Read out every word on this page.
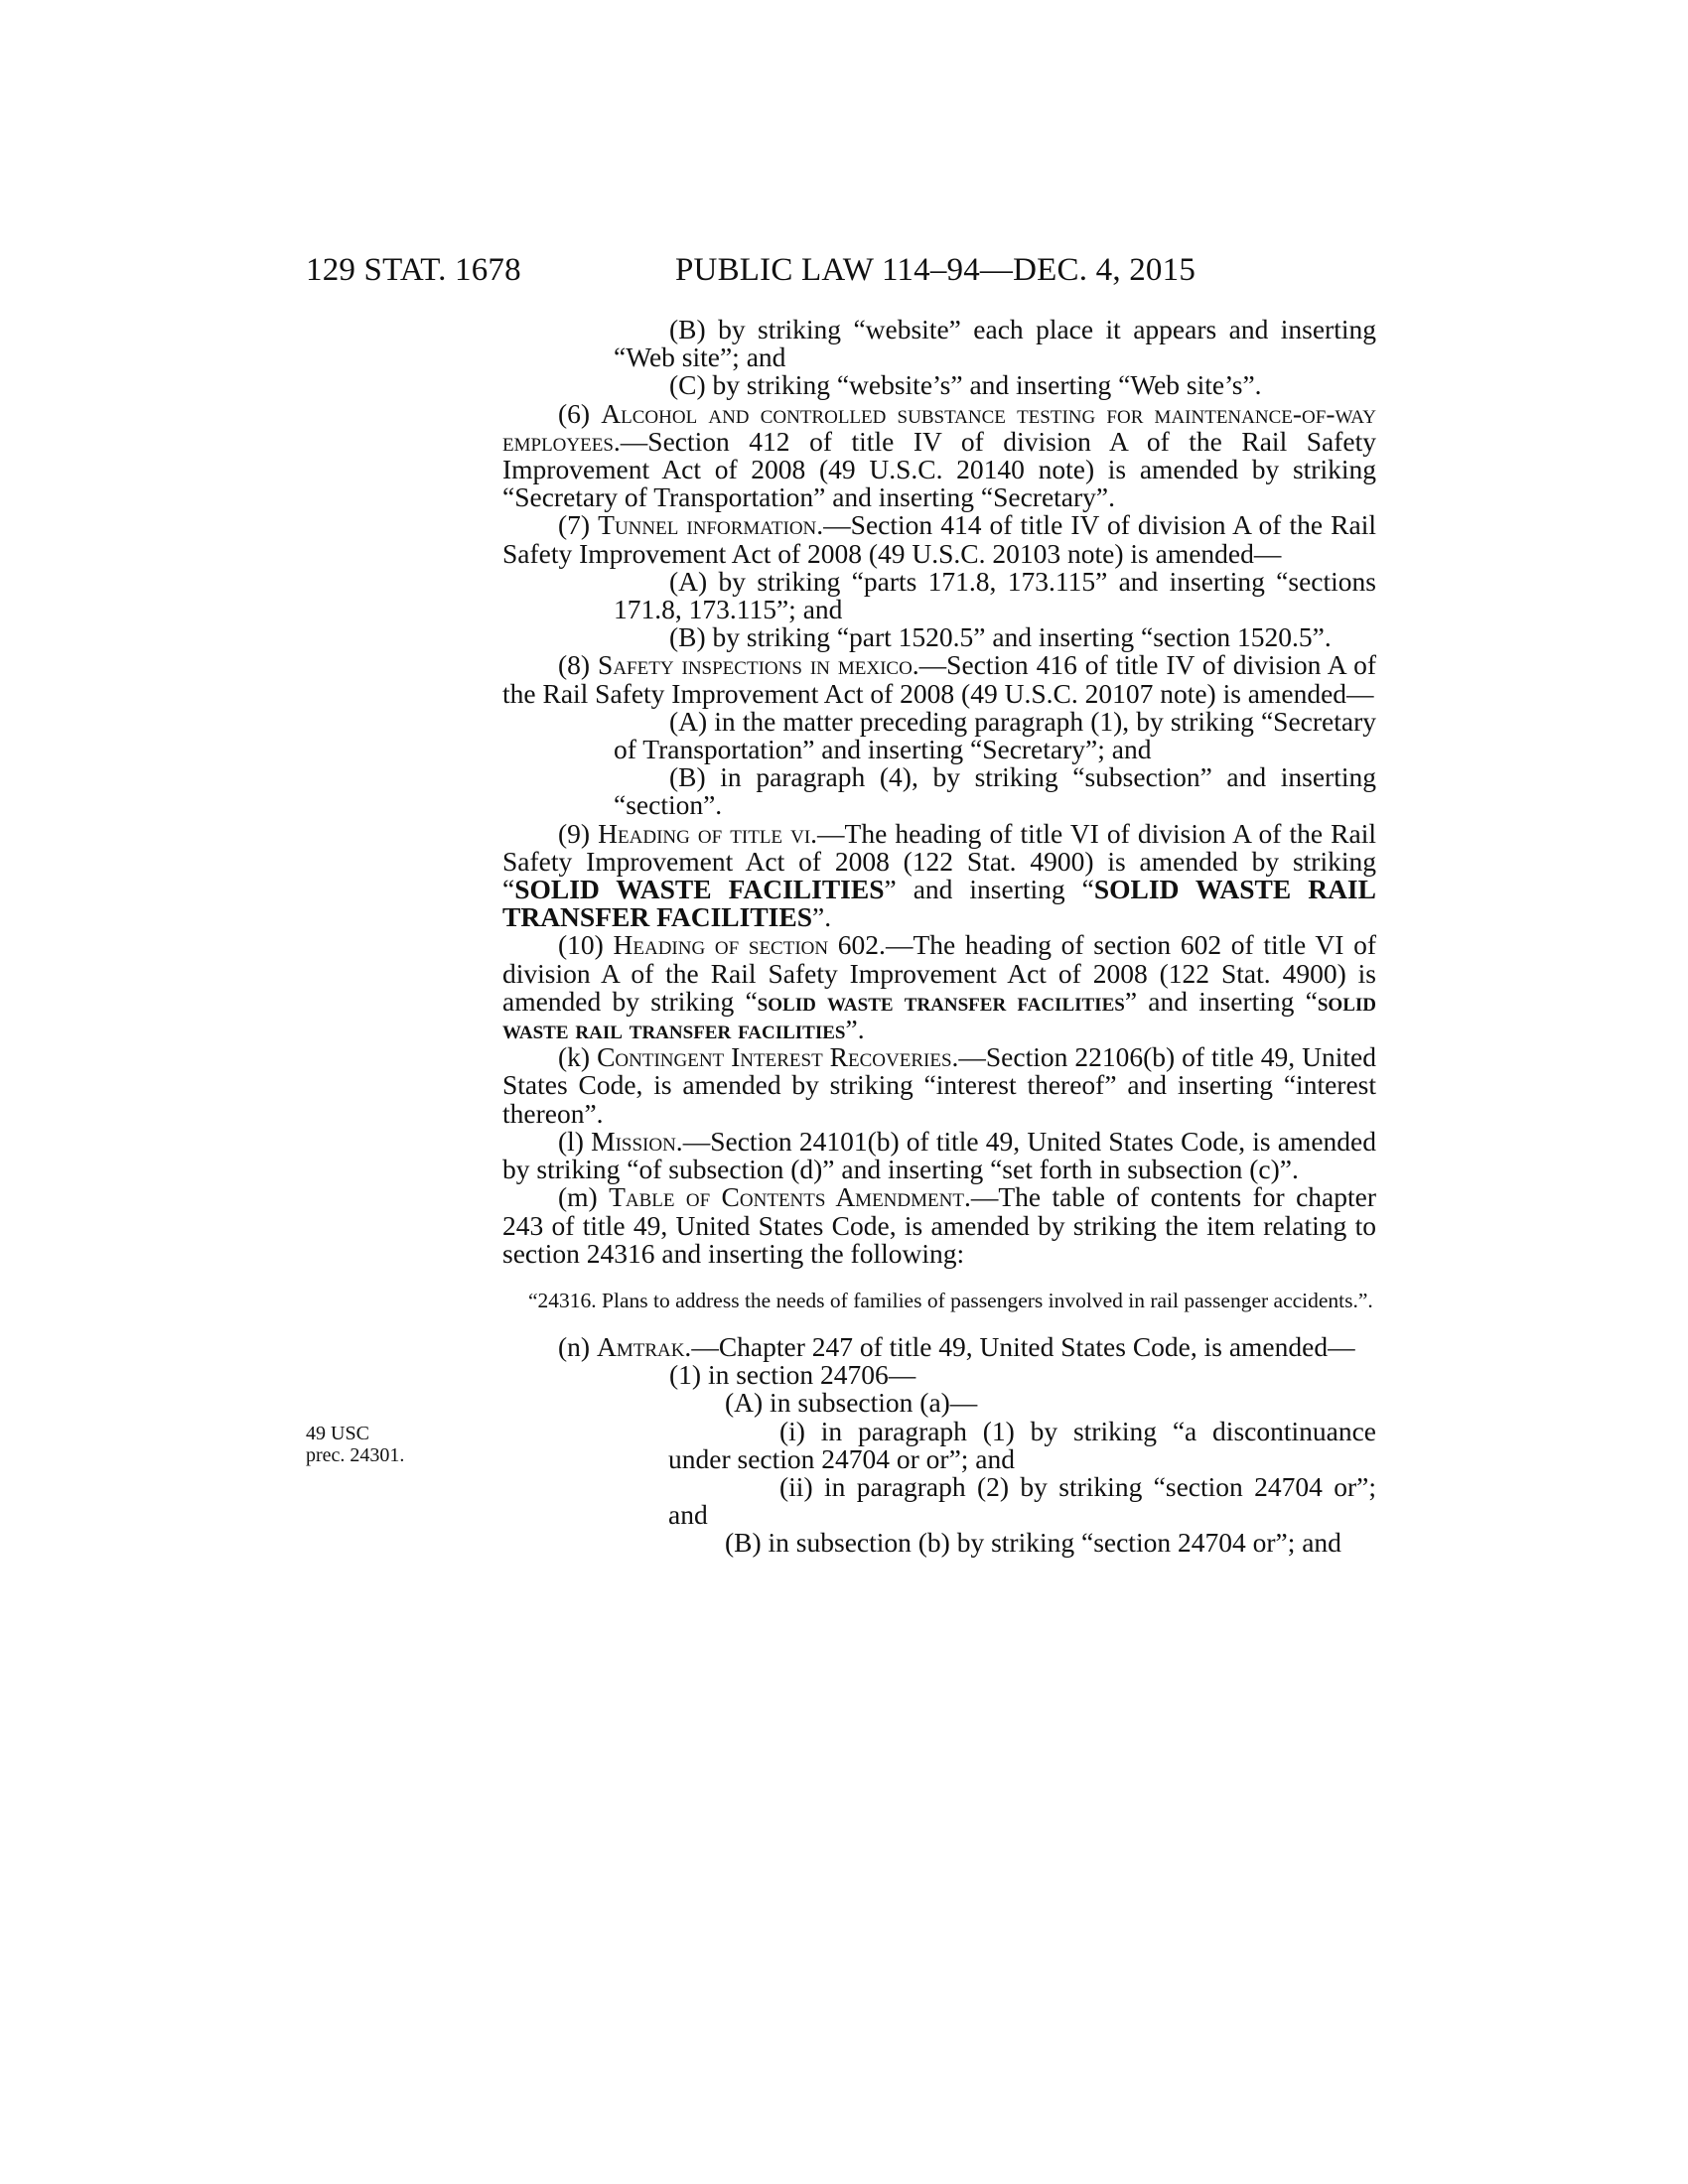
129 STAT. 1678	PUBLIC LAW 114–94—DEC. 4, 2015
49 USC
prec. 24301.

(B) by striking “website” each place it appears and inserting “Web site”; and

(C) by striking “website’s” and inserting “Web site’s”.

(6) Alcohol and controlled substance testing for maintenance-of-way employees.—Section 412 of title IV of division A of the Rail Safety Improvement Act of 2008 (49 U.S.C. 20140 note) is amended by striking “Secretary of Transportation” and inserting “Secretary”.

(7) Tunnel information.—Section 414 of title IV of division A of the Rail Safety Improvement Act of 2008 (49 U.S.C. 20103 note) is amended—

(A) by striking “parts 171.8, 173.115” and inserting “sections 171.8, 173.115”; and

(B) by striking “part 1520.5” and inserting “section 1520.5”.

(8) Safety inspections in mexico.—Section 416 of title IV of division A of the Rail Safety Improvement Act of 2008 (49 U.S.C. 20107 note) is amended—

(A) in the matter preceding paragraph (1), by striking “Secretary of Transportation” and inserting “Secretary”; and

(B) in paragraph (4), by striking “subsection” and inserting “section”.

(9) Heading of title vi.—The heading of title VI of division A of the Rail Safety Improvement Act of 2008 (122 Stat. 4900) is amended by striking “SOLID WASTE FACILITIES” and inserting “SOLID WASTE RAIL TRANSFER FACILITIES”.

(10) Heading of section 602.—The heading of section 602 of title VI of division A of the Rail Safety Improvement Act of 2008 (122 Stat. 4900) is amended by striking “solid waste transfer facilities” and inserting “solid waste rail transfer facilities”.

(k) Contingent Interest Recoveries.—Section 22106(b) of title 49, United States Code, is amended by striking “interest thereof” and inserting “interest thereon”.

(l) Mission.—Section 24101(b) of title 49, United States Code, is amended by striking “of subsection (d)” and inserting “set forth in subsection (c)”.

(m) Table of Contents Amendment.—The table of contents for chapter 243 of title 49, United States Code, is amended by striking the item relating to section 24316 and inserting the following:

“24316. Plans to address the needs of families of passengers involved in rail passenger accidents.”.

(n) Amtrak.—Chapter 247 of title 49, United States Code, is amended—

(1) in section 24706—

(A) in subsection (a)—

(i) in paragraph (1) by striking “a discontinuance under section 24704 or or”; and

(ii) in paragraph (2) by striking “section 24704 or”; and

(B) in subsection (b) by striking “section 24704 or”; and
